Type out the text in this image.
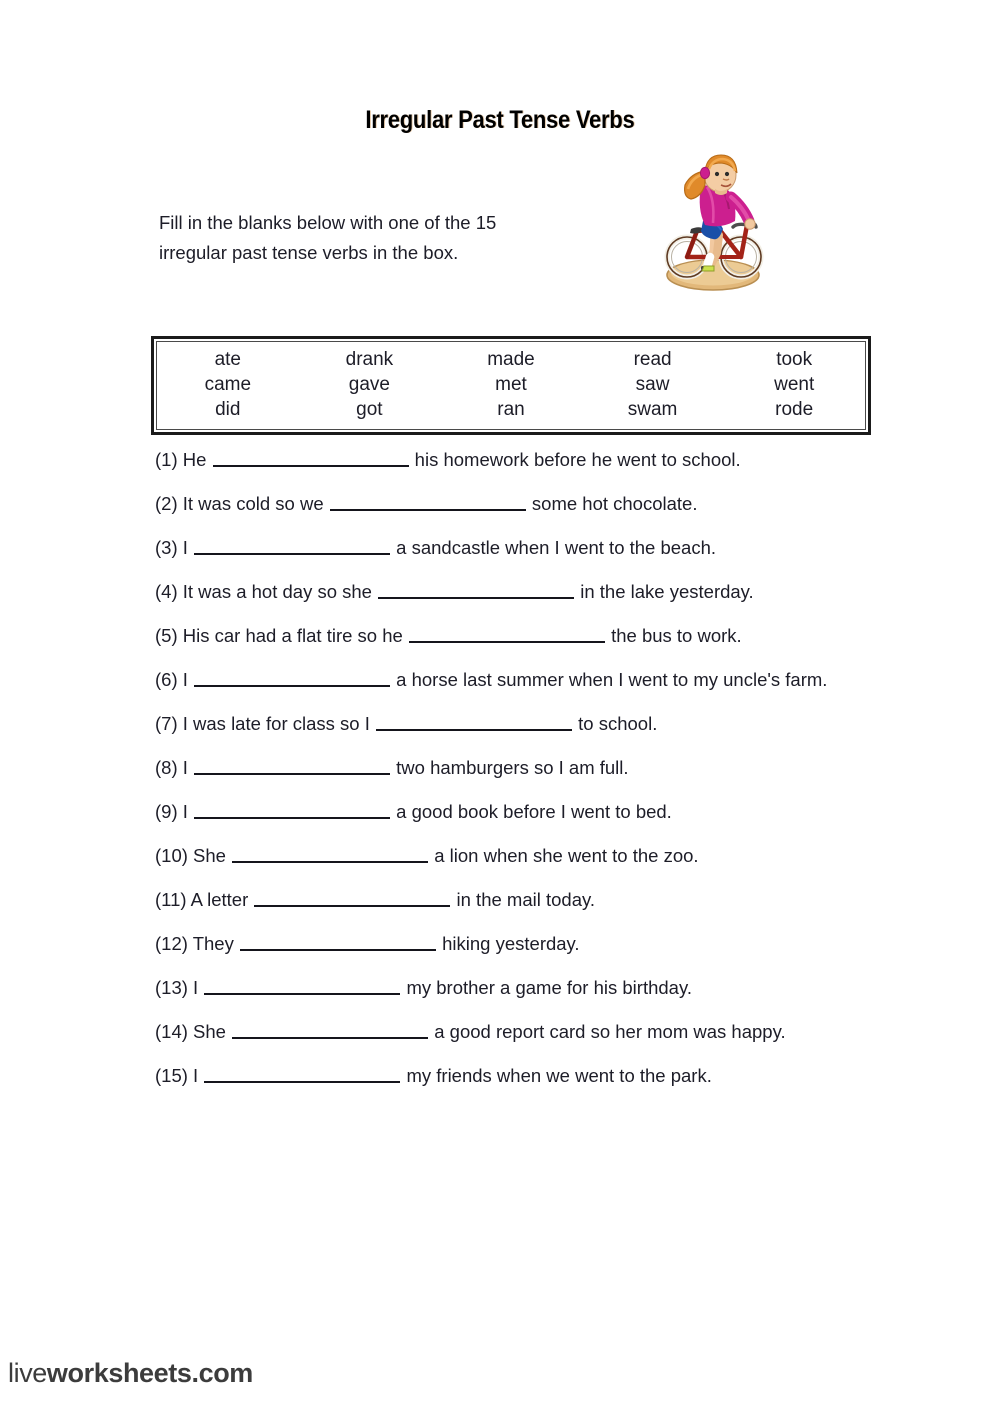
Irregular Past Tense Verbs
Fill in the blanks below with one of the 15 irregular past tense verbs in the box.
ate	drank	made	read	took
came	gave	met	saw	went
did	got	ran	swam	rode
(1) He	his homework before he went to school.
(2) It was cold so we	some hot chocolate.
(3) I	a sandcastle when I went to the beach.
(4) It was a hot day so she	in the lake yesterday.
(5) His car had a flat tire so he	the bus to work.
(6) I	a horse last summer when I went to my uncle's farm.
(7) I was late for class so I	to school.
(8) I	two hamburgers so I am full.
(9) I	a good book before I went to bed.
(10) She	a lion when she went to the zoo.
(11) A letter	in the mail today.
(12) They	hiking yesterday.
(13) I	my brother a game for his birthday.
(14) She	a good report card so her mom was happy.
(15) I	my friends when we went to the park.
liveworksheets.com
